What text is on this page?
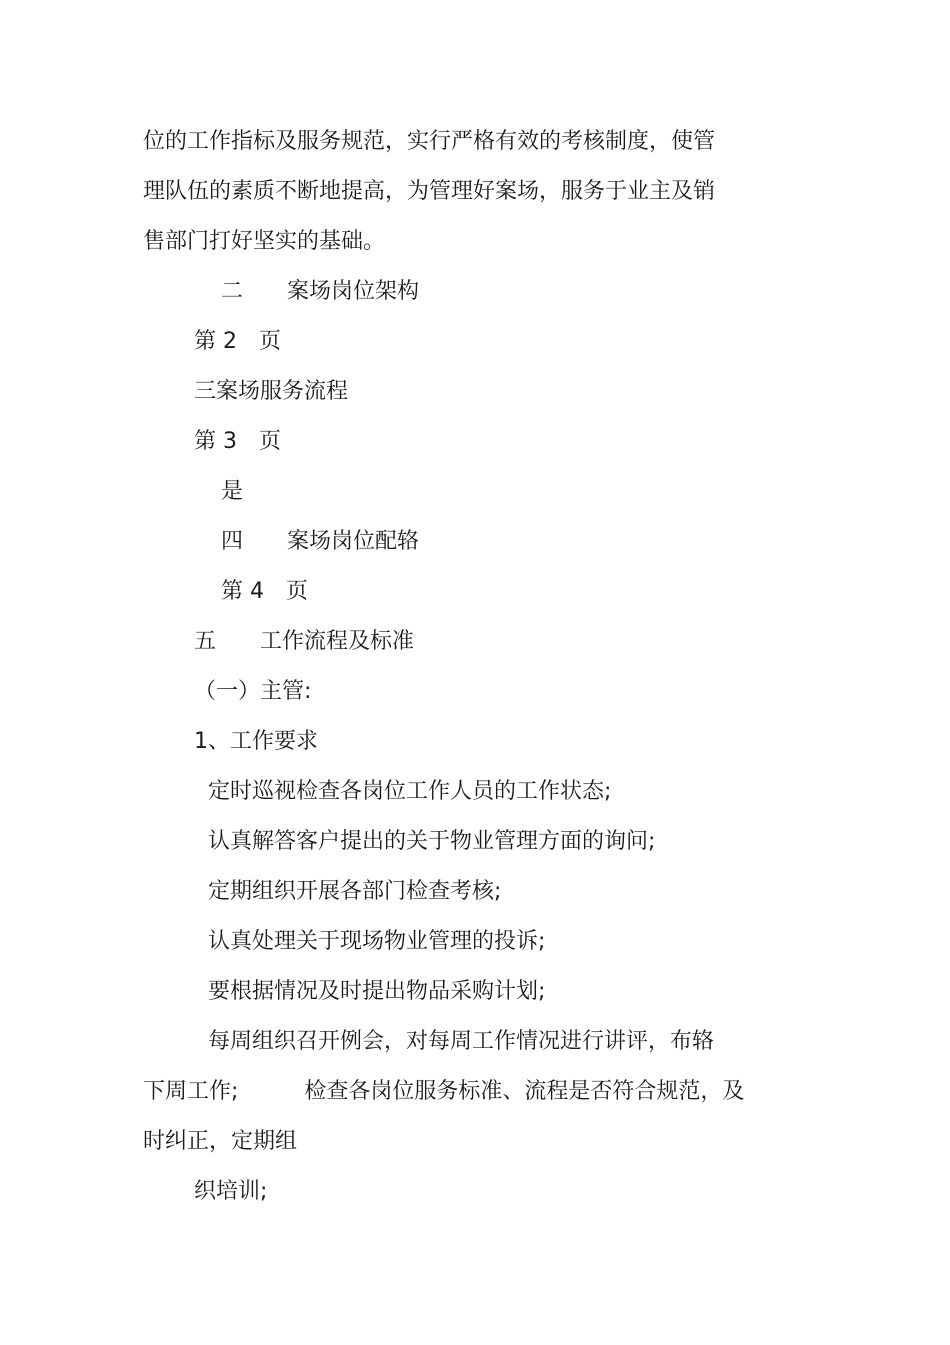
位的工作指标及服务规范，实行严格有效的考核制度，使管
理队伍的素质不断地提高，为管理好案场，服务于业主及销
售部门打好坚实的基础。
二　　案场岗位架构
第 2　页
三案场服务流程
第 3　页
是
四　　案场岗位配辂
第 4　页
五　　工作流程及标准
（一）主管:
1、工作要求
定时巡视检查各岗位工作人员的工作状态;
认真解答客户提出的关于物业管理方面的询问;
定期组织开展各部门检查考核;
认真处理关于现场物业管理的投诉;
要根据情况及时提出物品采购计划;
每周组织召开例会，对每周工作情况进行讲评，布辂
下周工作;　　　检查各岗位服务标准、流程是否符合规范，及
时纠正，定期组
织培训;
